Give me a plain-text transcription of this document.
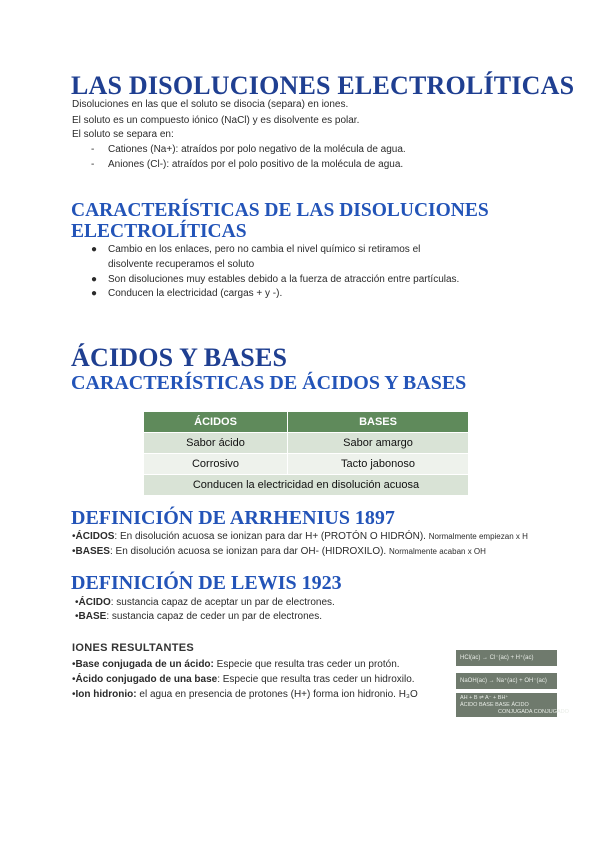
LAS DISOLUCIONES ELECTROLÍTICAS
Disoluciones en las que el soluto se disocia (separa) en iones.
El soluto es un compuesto iónico (NaCl) y es disolvente es polar.
El soluto se separa en:
- Cationes (Na+): atraídos por polo negativo de la molécula de agua.
- Aniones (Cl-): atraídos por el polo positivo de la molécula de agua.
CARACTERÍSTICAS DE LAS DISOLUCIONES
ELECTROLÍTICAS
● Cambio en los enlaces, pero no cambia el nivel químico si retiramos el
disolvente recuperamos el soluto
● Son disoluciones muy estables debido a la fuerza de atracción entre partículas.
● Conducen la electricidad (cargas + y -).
ÁCIDOS Y BASES
CARACTERÍSTICAS DE ÁCIDOS Y BASES
ÁCIDOS	BASES
Sabor ácido	Sabor amargo
Corrosivo	Tacto jabonoso
Conducen la electricidad en disolución acuosa	
DEFINICIÓN DE ARRHENIUS 1897
•ÁCIDOS: En disolución acuosa se ionizan para dar H+ (PROTÓN O HIDRÓN). Normalmente empiezan x H
•BASES: En disolución acuosa se ionizan para dar OH- (HIDROXILO). Normalmente acaban x OH
DEFINICIÓN DE LEWIS 1923
•ÁCIDO: sustancia capaz de aceptar un par de electrones.
•BASE: sustancia capaz de ceder un par de electrones.
IONES RESULTANTES
•Base conjugada de un ácido: Especie que resulta tras ceder un protón.
•Ácido conjugado de una base: Especie que resulta tras ceder un hidroxilo.
•Ion hidronio: el agua en presencia de protones (H+) forma ion hidronio. H₃O
HCl(ac) → Cl⁻(ac) + H⁺(ac)
NaOH(ac) → Na⁺(ac) + OH⁻(ac)
AH + B ⇌ A⁻ + BH⁺
ÁCIDO BASE BASE ÁCIDO
CONJUGADA CONJUGADO
